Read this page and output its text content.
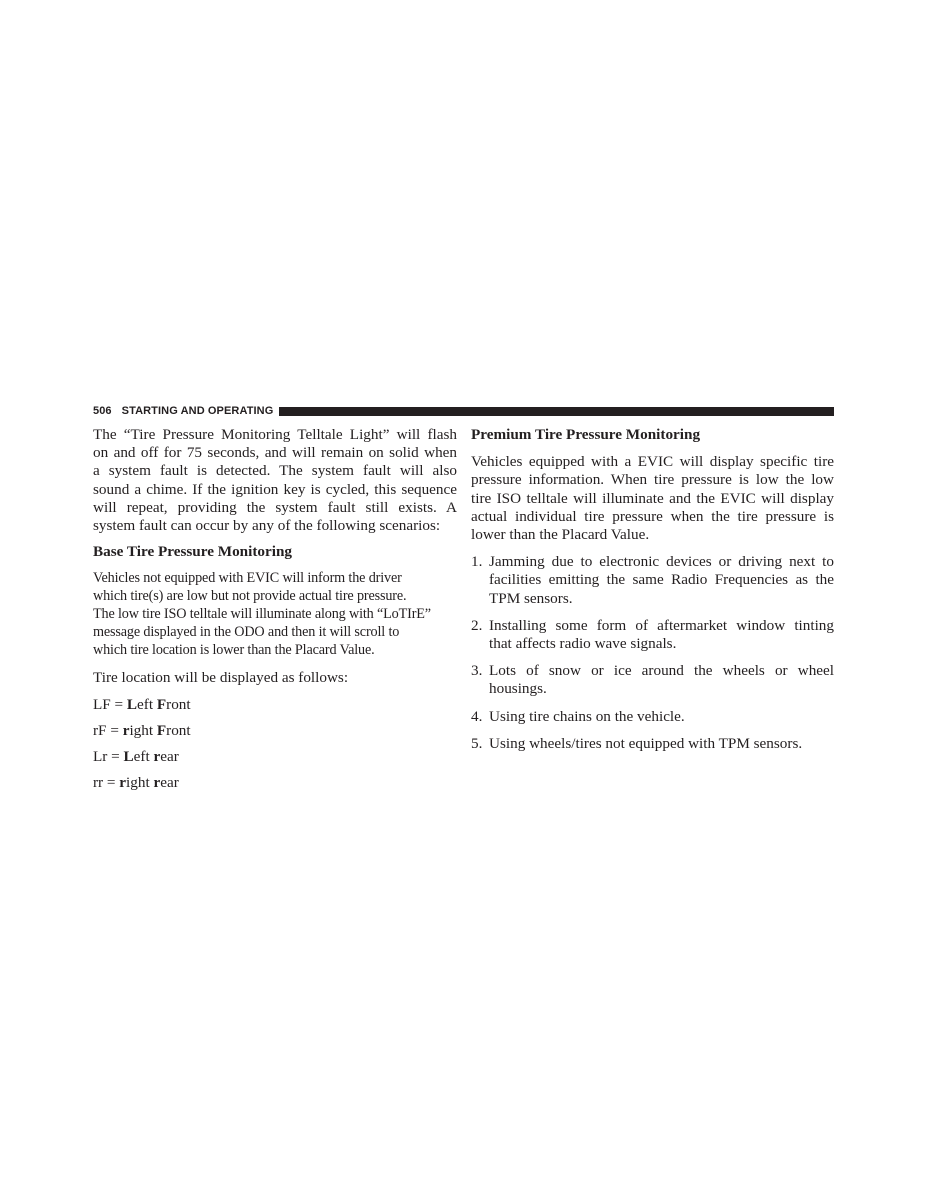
506 STARTING AND OPERATING
The “Tire Pressure Monitoring Telltale Light” will flash
on and off for 75 seconds, and will remain on solid when
a system fault is detected. The system fault will also
sound a chime. If the ignition key is cycled, this sequence
will repeat, providing the system fault still exists. A
system fault can occur by any of the following scenarios:

Base Tire Pressure Monitoring

Vehicles not equipped with EVIC will inform the driver
which tire(s) are low but not provide actual tire pressure.
The low tire ISO telltale will illuminate along with “LoTIrE”
message displayed in the ODO and then it will scroll to
which tire location is lower than the Placard Value.

Tire location will be displayed as follows:

LF = Left Front
rF = right Front
Lr = Left rear
rr = right rear

Premium Tire Pressure Monitoring

Vehicles equipped with a EVIC will display specific tire
pressure information. When tire pressure is low the low
tire ISO telltale will illuminate and the EVIC will display
actual individual tire pressure when the tire pressure is
lower than the Placard Value.
1. Jamming due to electronic devices or driving next to
facilities emitting the same Radio Frequencies as the
TPM sensors.
2. Installing some form of aftermarket window tinting
that affects radio wave signals.
3. Lots of snow or ice around the wheels or wheel
housings.
4. Using tire chains on the vehicle.
5. Using wheels/tires not equipped with TPM sensors.
